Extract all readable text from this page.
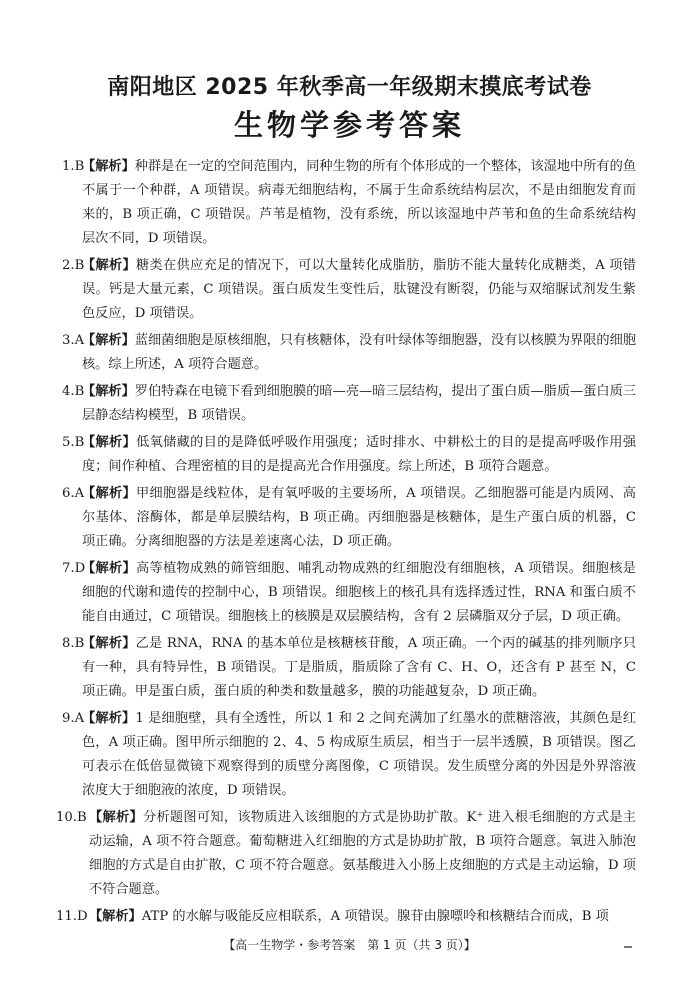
南阳地区 2025 年秋季高一年级期末摸底考试卷
生物学参考答案
1.B
【解析】种群是在一定的空间范围内，同种生物的所有个体形成的一个整体，该湿地中所有的鱼不属于一个种群，A 项错误。病毒无细胞结构，不属于生命系统结构层次，不是由细胞发育而来的，B 项正确，C 项错误。芦苇是植物，没有系统，所以该湿地中芦苇和鱼的生命系统结构层次不同，D 项错误。
2.B
【解析】糖类在供应充足的情况下，可以大量转化成脂肪，脂肪不能大量转化成糖类，A 项错误。钙是大量元素，C 项错误。蛋白质发生变性后，肽键没有断裂，仍能与双缩脲试剂发生紫色反应，D 项错误。
3.A
【解析】蓝细菌细胞是原核细胞，只有核糖体，没有叶绿体等细胞器，没有以核膜为界限的细胞核。综上所述，A 项符合题意。
4.B
【解析】罗伯特森在电镜下看到细胞膜的暗—亮—暗三层结构，提出了蛋白质—脂质—蛋白质三层静态结构模型，B 项错误。
5.B
【解析】低氧储藏的目的是降低呼吸作用强度；适时排水、中耕松土的目的是提高呼吸作用强度；间作种植、合理密植的目的是提高光合作用强度。综上所述，B 项符合题意。
6.A
【解析】甲细胞器是线粒体，是有氧呼吸的主要场所，A 项错误。乙细胞器可能是内质网、高尔基体、溶酶体，都是单层膜结构，B 项正确。丙细胞器是核糖体，是生产蛋白质的机器，C 项正确。分离细胞器的方法是差速离心法，D 项正确。
7.D
【解析】高等植物成熟的筛管细胞、哺乳动物成熟的红细胞没有细胞核，A 项错误。细胞核是细胞的代谢和遗传的控制中心，B 项错误。细胞核上的核孔具有选择透过性，RNA 和蛋白质不能自由通过，C 项错误。细胞核上的核膜是双层膜结构，含有 2 层磷脂双分子层，D 项正确。
8.B
【解析】乙是 RNA，RNA 的基本单位是核糖核苷酸，A 项正确。一个丙的碱基的排列顺序只有一种，具有特异性，B 项错误。丁是脂质，脂质除了含有 C、H、O，还含有 P 甚至 N，C 项正确。甲是蛋白质，蛋白质的种类和数量越多，膜的功能越复杂，D 项正确。
9.A
【解析】1 是细胞壁，具有全透性，所以 1 和 2 之间充满加了红墨水的蔗糖溶液，其颜色是红色，A 项正确。图甲所示细胞的 2、4、5 构成原生质层，相当于一层半透膜，B 项错误。图乙可表示在低倍显微镜下观察得到的质壁分离图像，C 项错误。发生质壁分离的外因是外界溶液浓度大于细胞液的浓度，D 项错误。
10.B 【解析】分析题图可知，该物质进入该细胞的方式是协助扩散。K⁺ 进入根毛细胞的方式是主动运输，A 项不符合题意。葡萄糖进入红细胞的方式是协助扩散，B 项符合题意。氧进入肺泡细胞的方式是自由扩散，C 项不符合题意。氨基酸进入小肠上皮细胞的方式是主动运输，D 项不符合题意。
11.D 【解析】ATP 的水解与吸能反应相联系，A 项错误。腺苷由腺嘌呤和核糖结合而成，B 项
【高一生物学・参考答案　第 1 页（共 3 页）】
